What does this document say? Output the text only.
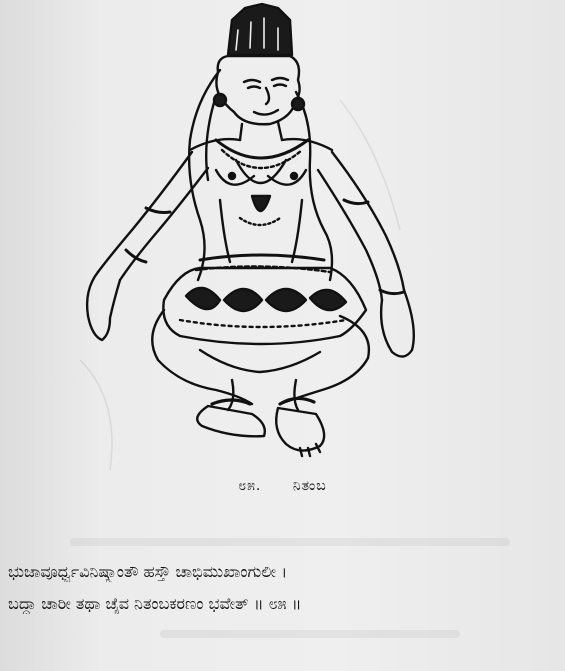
೮೫. ನಿತಂಬ
ಭುಜಾವೂರ್ಧ್ವವಿನಿಷ್ಕ್ರಾಂತೌ ಹಸ್ತೌ ಚಾಭಿಮುಖಾಂಗುಲೀ ।
ಬದ್ಧಾ ಚಾರೀ ತಥಾ ಚೈವ ನಿತಂಬಕರಣಂ ಭವೇತ್ ॥ ೮೫ ॥
